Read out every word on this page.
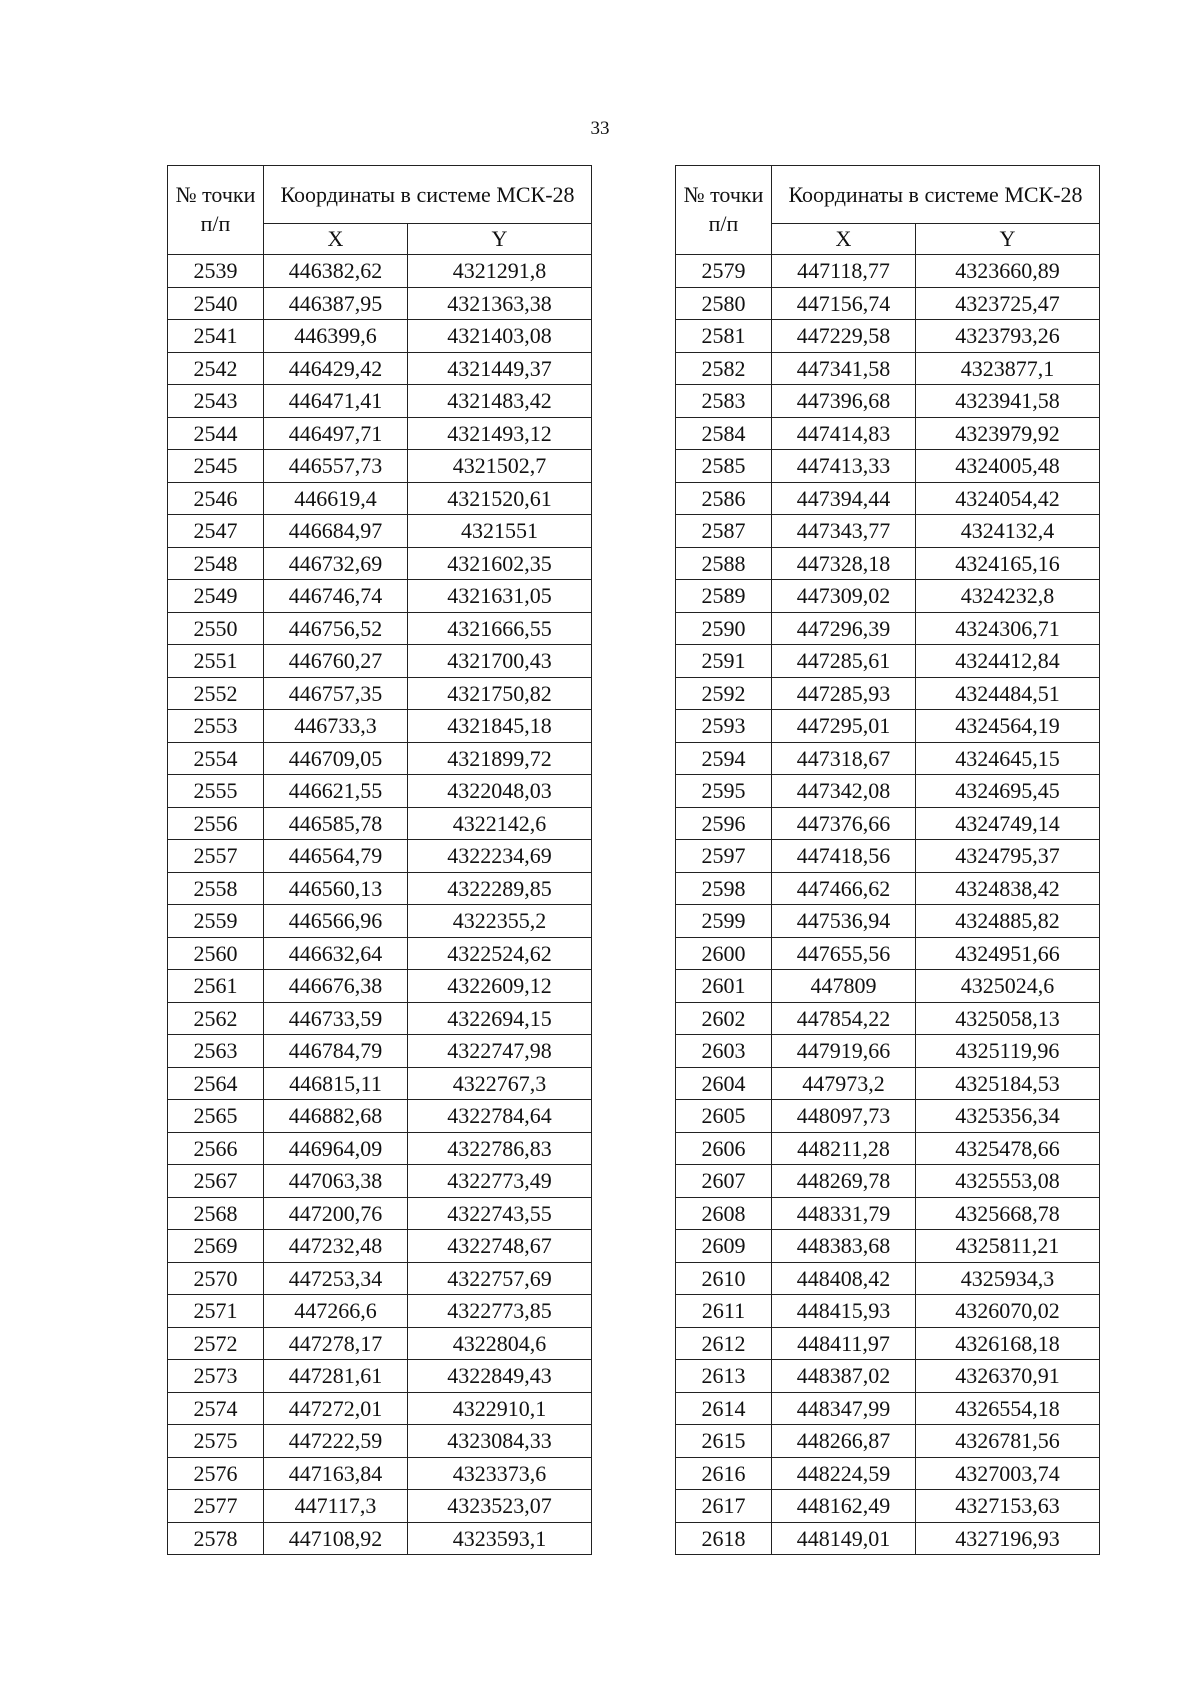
33
№ точки п/п	Координаты в системе МСК-28	
	X	Y
2539	446382,62	4321291,8
2540	446387,95	4321363,38
2541	446399,6	4321403,08
2542	446429,42	4321449,37
2543	446471,41	4321483,42
2544	446497,71	4321493,12
2545	446557,73	4321502,7
2546	446619,4	4321520,61
2547	446684,97	4321551
2548	446732,69	4321602,35
2549	446746,74	4321631,05
2550	446756,52	4321666,55
2551	446760,27	4321700,43
2552	446757,35	4321750,82
2553	446733,3	4321845,18
2554	446709,05	4321899,72
2555	446621,55	4322048,03
2556	446585,78	4322142,6
2557	446564,79	4322234,69
2558	446560,13	4322289,85
2559	446566,96	4322355,2
2560	446632,64	4322524,62
2561	446676,38	4322609,12
2562	446733,59	4322694,15
2563	446784,79	4322747,98
2564	446815,11	4322767,3
2565	446882,68	4322784,64
2566	446964,09	4322786,83
2567	447063,38	4322773,49
2568	447200,76	4322743,55
2569	447232,48	4322748,67
2570	447253,34	4322757,69
2571	447266,6	4322773,85
2572	447278,17	4322804,6
2573	447281,61	4322849,43
2574	447272,01	4322910,1
2575	447222,59	4323084,33
2576	447163,84	4323373,6
2577	447117,3	4323523,07
2578	447108,92	4323593,1
№ точки п/п	Координаты в системе МСК-28	
	X	Y
2579	447118,77	4323660,89
2580	447156,74	4323725,47
2581	447229,58	4323793,26
2582	447341,58	4323877,1
2583	447396,68	4323941,58
2584	447414,83	4323979,92
2585	447413,33	4324005,48
2586	447394,44	4324054,42
2587	447343,77	4324132,4
2588	447328,18	4324165,16
2589	447309,02	4324232,8
2590	447296,39	4324306,71
2591	447285,61	4324412,84
2592	447285,93	4324484,51
2593	447295,01	4324564,19
2594	447318,67	4324645,15
2595	447342,08	4324695,45
2596	447376,66	4324749,14
2597	447418,56	4324795,37
2598	447466,62	4324838,42
2599	447536,94	4324885,82
2600	447655,56	4324951,66
2601	447809	4325024,6
2602	447854,22	4325058,13
2603	447919,66	4325119,96
2604	447973,2	4325184,53
2605	448097,73	4325356,34
2606	448211,28	4325478,66
2607	448269,78	4325553,08
2608	448331,79	4325668,78
2609	448383,68	4325811,21
2610	448408,42	4325934,3
2611	448415,93	4326070,02
2612	448411,97	4326168,18
2613	448387,02	4326370,91
2614	448347,99	4326554,18
2615	448266,87	4326781,56
2616	448224,59	4327003,74
2617	448162,49	4327153,63
2618	448149,01	4327196,93
